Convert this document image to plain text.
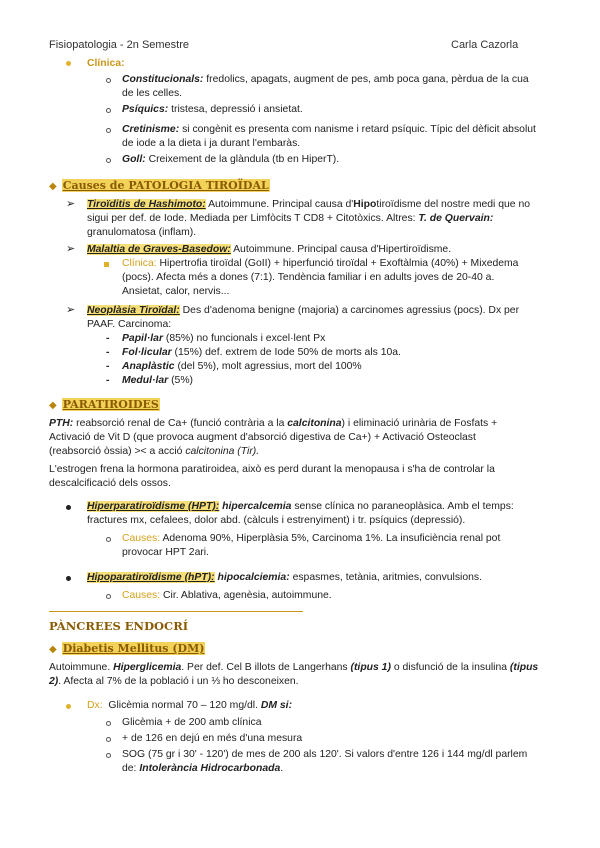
Fisiopatologia - 2n Semestre	Carla Cazorla
Clínica:
Constitucionals: fredolics, apagats, augment de pes, amb poca gana, pèrdua de la cua
de les celles.
Psíquics: tristesa, depressió i ansietat.
Cretinisme: si congènit es presenta com nanisme i retard psíquic. Típic del dèficit absolut
de iode a la dieta i ja durant l'embaràs.
Goll: Creixement de la glàndula (tb en HiperT).
◆ Causes de PATOLOGIA TIROÏDAL
➢ Tiroïditis de Hashimoto: Autoimmune. Principal causa d'Hipotiroïdisme del nostre medi que no
sigui per def. de Iode. Mediada per Limfòcits T CD8 + Citotòxics. Altres: T. de Quervain:
granulomatosa (inflam).
➢ Malaltia de Graves-Basedow: Autoimmune. Principal causa d'Hipertiroïdisme.
Clínica: Hipertrofia tiroïdal (GoII) + hiperfunció tiroïdal + Exoftàlmia (40%) + Mixedema
(pocs). Afecta més a dones (7:1). Tendència familiar i en adults joves de 20-40 a.
Ansietat, calor, nervis...
➢ Neoplàsia Tiroïdal: Des d'adenoma benigne (majoria) a carcinomes agressius (pocs). Dx per
PAAF. Carcinoma:
- Papil·lar (85%) no funcionals i excel·lent Px
- Fol·licular (15%) def. extrem de Iode 50% de morts als 10a.
- Anaplàstic (del 5%), molt agressius, mort del 100%
- Medul·lar (5%)
◆ PARATIROIDES
PTH: reabsorció renal de Ca+ (funció contrària a la calcitonina) i eliminació urinària de Fosfats +
Activació de Vit D (que provoca augment d'absorció digestiva de Ca+) + Activació Osteoclast
(reabsorció òssia) >< a acció calcitonina (Tir).
L'estrogen frena la hormona paratiroidea, això es perd durant la menopausa i s'ha de controlar la
descalcificació dels ossos.
Hiperparatiroïdisme (HPT): hipercalcemia sense clínica no paraneoplàsica. Amb el temps:
fractures mx, cefalees, dolor abd. (càlculs i estrenyiment) i tr. psíquics (depressió).
Causes: Adenoma 90%, Hiperplàsia 5%, Carcinoma 1%. La insuficiència renal pot
provocar HPT 2ari.
Hipoparatiroïdisme (hPT): hipocalciemia: espasmes, tetània, aritmies, convulsions.
Causes: Cir. Ablativa, agenèsia, autoimmune.
PÀNCREES ENDOCRÍ
◆ Diabetis Mellitus (DM)
Autoimmune. Hiperglicemia. Per def. Cel B illots de Langerhans (tipus 1) o disfunció de la insulina (tipus
2). Afecta al 7% de la població i un ⅓ ho desconeixen.
Dx: Glicèmia normal 70 – 120 mg/dl. DM si:
Glicèmia + de 200 amb clínica
+ de 126 en dejú en més d'una mesura
SOG (75 gr i 30' - 120') de mes de 200 als 120'. Si valors d'entre 126 i 144 mg/dl parlem
de: Intolerància Hidrocarbonada.
